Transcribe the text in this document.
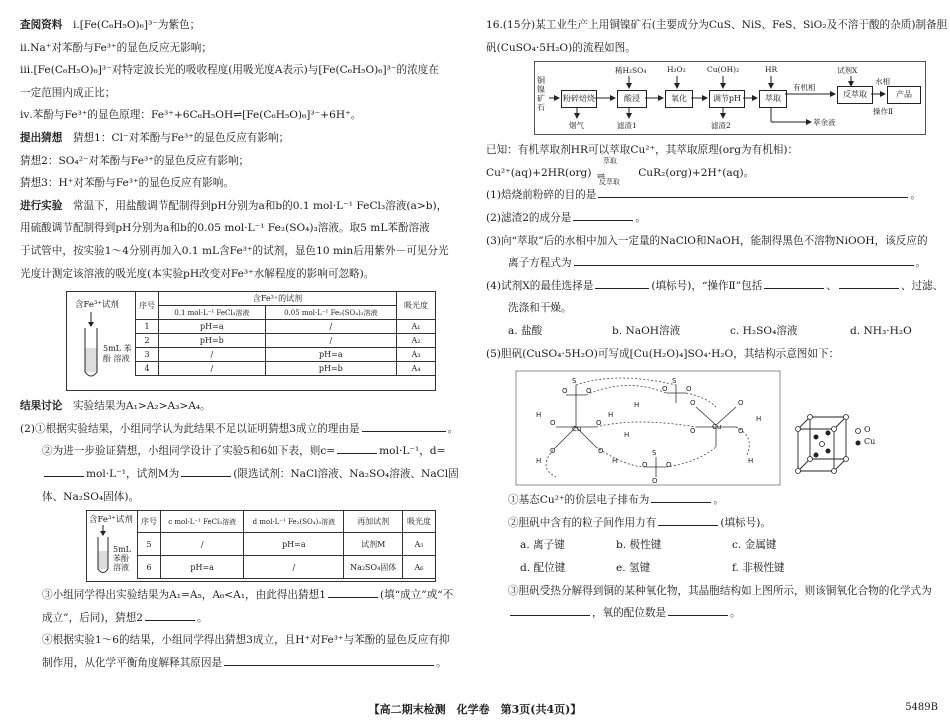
查阅资料　 ⅰ.[Fe(C₆H₅O)₆]³⁻为紫色；
ⅱ.Na⁺对苯酚与Fe³⁺的显色反应无影响；
ⅲ.[Fe(C₆H₅O)₆]³⁻对特定波长光的吸收程度(用吸光度A表示)与[Fe(C₆H₅O)₆]³⁻的浓度在
一定范围内成正比；
ⅳ.苯酚与Fe³⁺的显色原理：Fe³⁺+6C₆H₅OH⇌[Fe(C₆H₅O)₆]³⁻+6H⁺。
提出猜想　 猜想1：Cl⁻对苯酚与Fe³⁺的显色反应有影响；
猜想2：SO₄²⁻对苯酚与Fe³⁺的显色反应有影响；
猜想3：H⁺对苯酚与Fe³⁺的显色反应有影响。
进行实验　 常温下，用盐酸调节配制得到pH分别为a和b的0.1 mol·L⁻¹ FeCl₃溶液(a>b)，
用硫酸调节配制得到pH分别为a和b的0.05 mol·L⁻¹ Fe₂(SO₄)₃溶液。取5 mL苯酚溶液
于试管中，按实验1～4分别再加入0.1 mL含Fe³⁺的试剂，显色10 min后用紫外－可见分光
光度计测定该溶液的吸光度(本实验pH改变对Fe³⁺水解程度的影响可忽略)。
含Fe³⁺试剂
5mL 苯酚 溶液
序号	含Fe³⁺的试剂		吸光度
	0.1 mol·L⁻¹ FeCl₃溶液	0.05 mol·L⁻¹ Fe₂(SO₄)₃溶液	
1	pH=a	/	A₁
2	pH=b	/	A₂
3	/	pH=a	A₃
4	/	pH=b	A₄
结果讨论　 实验结果为A₁>A₂>A₃>A₄。
(2)①根据实验结果，小组同学认为此结果不足以证明猜想3成立的理由是	。
②为进一步验证猜想，小组同学设计了实验5和6如下表，则c=	mol·L⁻¹，d=
mol·L⁻¹，试剂M为	(限选试剂：NaCl溶液、Na₂SO₄溶液、NaCl固
体、Na₂SO₄固体)。
含Fe³⁺试剂
5mL 苯酚 溶液
序号	c mol·L⁻¹ FeCl₃溶液	d mol·L⁻¹ Fe₂(SO₄)₃溶液	再加试剂	吸光度
5	/	pH=a	试剂M	A₅
6	pH=a	/	Na₂SO₄固体	A₆
③小组同学得出实验结果为A₁=A₅，A₆<A₁，由此得出猜想1	(填“成立”或“不
成立”，后同)，猜想2	。
④根据实验1～6的结果，小组同学得出猜想3成立，且H⁺对Fe³⁺与苯酚的显色反应有抑
制作用，从化学平衡角度解释其原因是	。
16.(15分)某工业生产上用铜镍矿石(主要成分为CuS、NiS、FeS、SiO₂及不溶于酸的杂质)制备胆
矾(CuSO₄·5H₂O)的流程如图。
铜镍矿石
粉碎焙烧	酸浸	氧化	调节pH	萃取	反萃取	产品
稀H₂SO₄	H₂O₂	Cu(OH)₂	HR	试剂X
烟气	滤渣1	滤渣2	萃余液
有机相
水相
操作Ⅱ
已知：有机萃取剂HR可以萃取Cu²⁺，其萃取原理(org为有机相)：
Cu²⁺(aq)+2HR(org)
萃取
⇌
反萃取
CuR₂(org)+2H⁺(aq)。
(1)焙烧前粉碎的目的是	。
(2)滤渣2的成分是	。
(3)向“萃取”后的水相中加入一定量的NaClO和NaOH，能制得黑色不溶物NiOOH，该反应的
离子方程式为	。
(4)试剂X的最佳选择是	(填标号)，“操作Ⅱ”包括	、	、过滤、
洗涤和干燥。
a. 盐酸	b. NaOH溶液	c. H₂SO₄溶液	d. NH₃·H₂O
(5)胆矾(CuSO₄·5H₂O)可写成[Cu(H₂O)₄]SO₄·H₂O，其结构示意图如下：
S	S
S
Cu	Cu
O	O
O	O
O	O
O	O
H	H
H	H	H
H
H
H
O	O	O	O
O	O
O
O
Cu
①基态Cu²⁺的价层电子排布为	。
②胆矾中含有的粒子间作用力有	(填标号)。
a. 离子键	b. 极性键	c. 金属键
d. 配位键	e. 氢键	f. 非极性键
③胆矾受热分解得到铜的某种氧化物，其晶胞结构如上图所示，则该铜氧化合物的化学式为
，氧的配位数是	。
【高二期末检测　化学卷　第3页(共4页)】	5489B
